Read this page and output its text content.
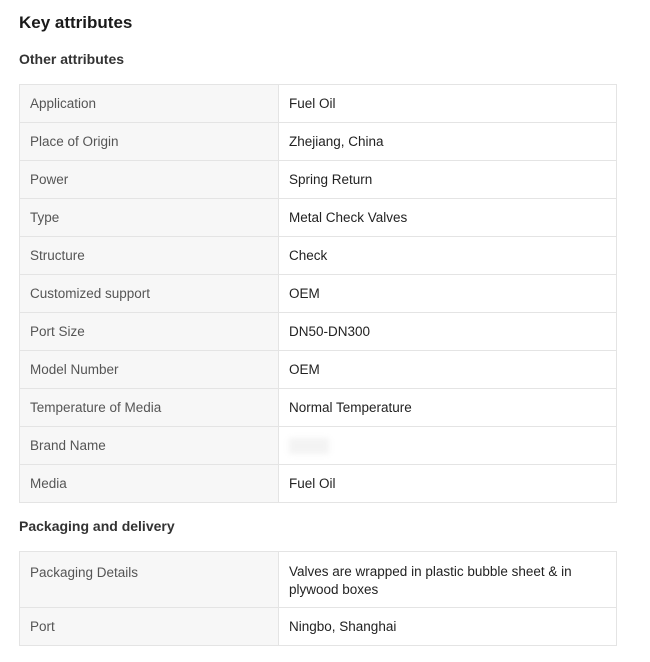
Key attributes
Other attributes
Application	Fuel Oil
Place of Origin	Zhejiang, China
Power	Spring Return
Type	Metal Check Valves
Structure	Check
Customized support	OEM
Port Size	DN50-DN300
Model Number	OEM
Temperature of Media	Normal Temperature
Brand Name	
Media	Fuel Oil
Packaging and delivery
Packaging Details	Valves are wrapped in plastic bubble sheet & in plywood boxes
Port	Ningbo, Shanghai
